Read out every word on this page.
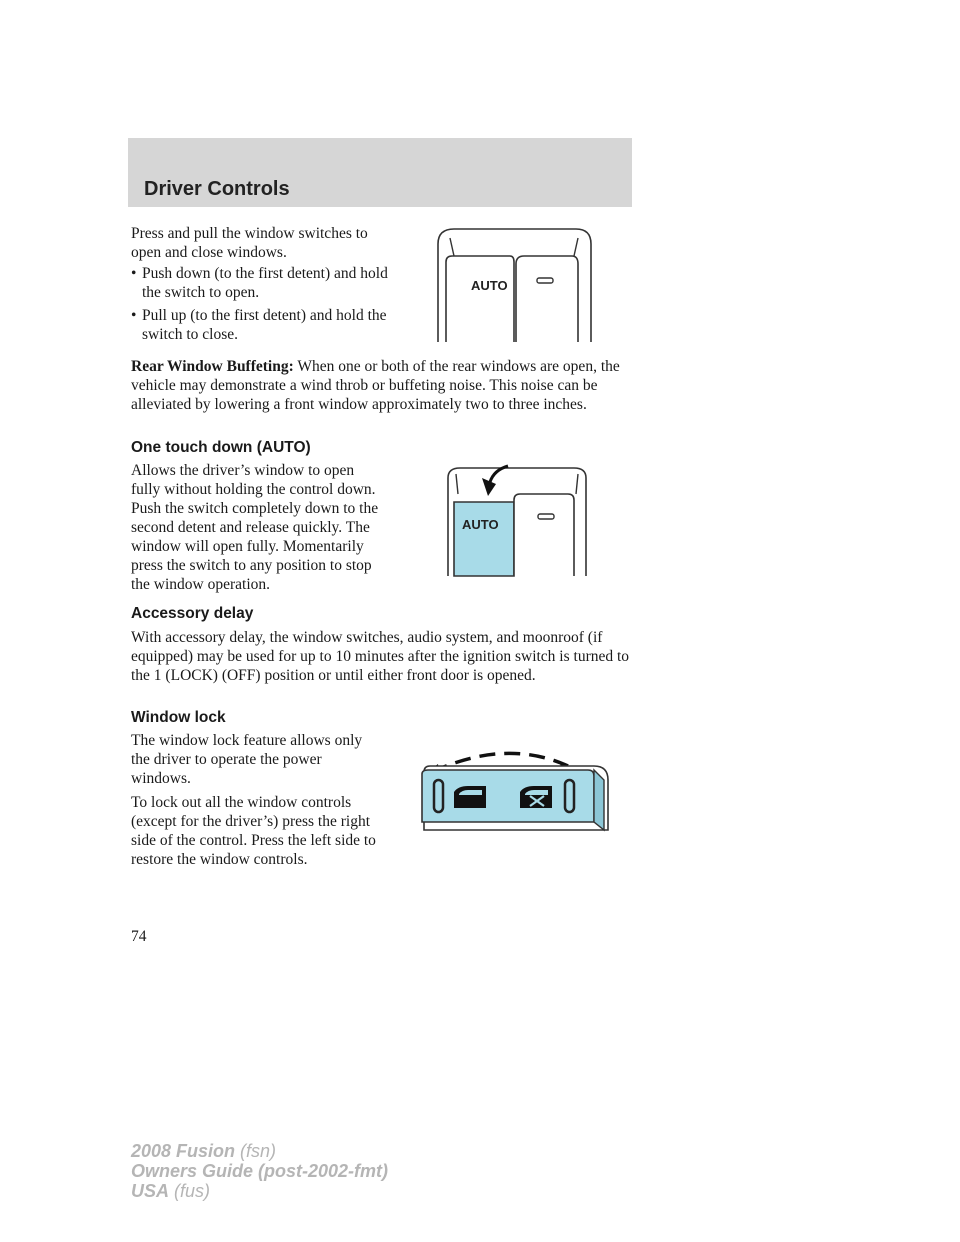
Driver Controls

Press and pull the window switches to open and close windows.

• Push down (to the first detent) and hold the switch to open.
• Pull up (to the first detent) and hold the switch to close.
AUTO

Rear Window Buffeting: When one or both of the rear windows are open, the vehicle may demonstrate a wind throb or buffeting noise. This noise can be alleviated by lowering a front window approximately two to three inches.

One touch down (AUTO)

Allows the driver’s window to open fully without holding the control down. Push the switch completely down to the second detent and release quickly. The window will open fully. Momentarily press the switch to any position to stop the window operation.

AUTO
Accessory delay

With accessory delay, the window switches, audio system, and moonroof (if equipped) may be used for up to 10 minutes after the ignition switch is turned to the 1 (LOCK) (OFF) position or until either front door is opened.

Window lock

The window lock feature allows only the driver to operate the power windows.

To lock out all the window controls (except for the driver’s) press the right side of the control. Press the left side to restore the window controls.

74

2008 Fusion (fsn)
Owners Guide (post-2002-fmt)
USA (fus)
